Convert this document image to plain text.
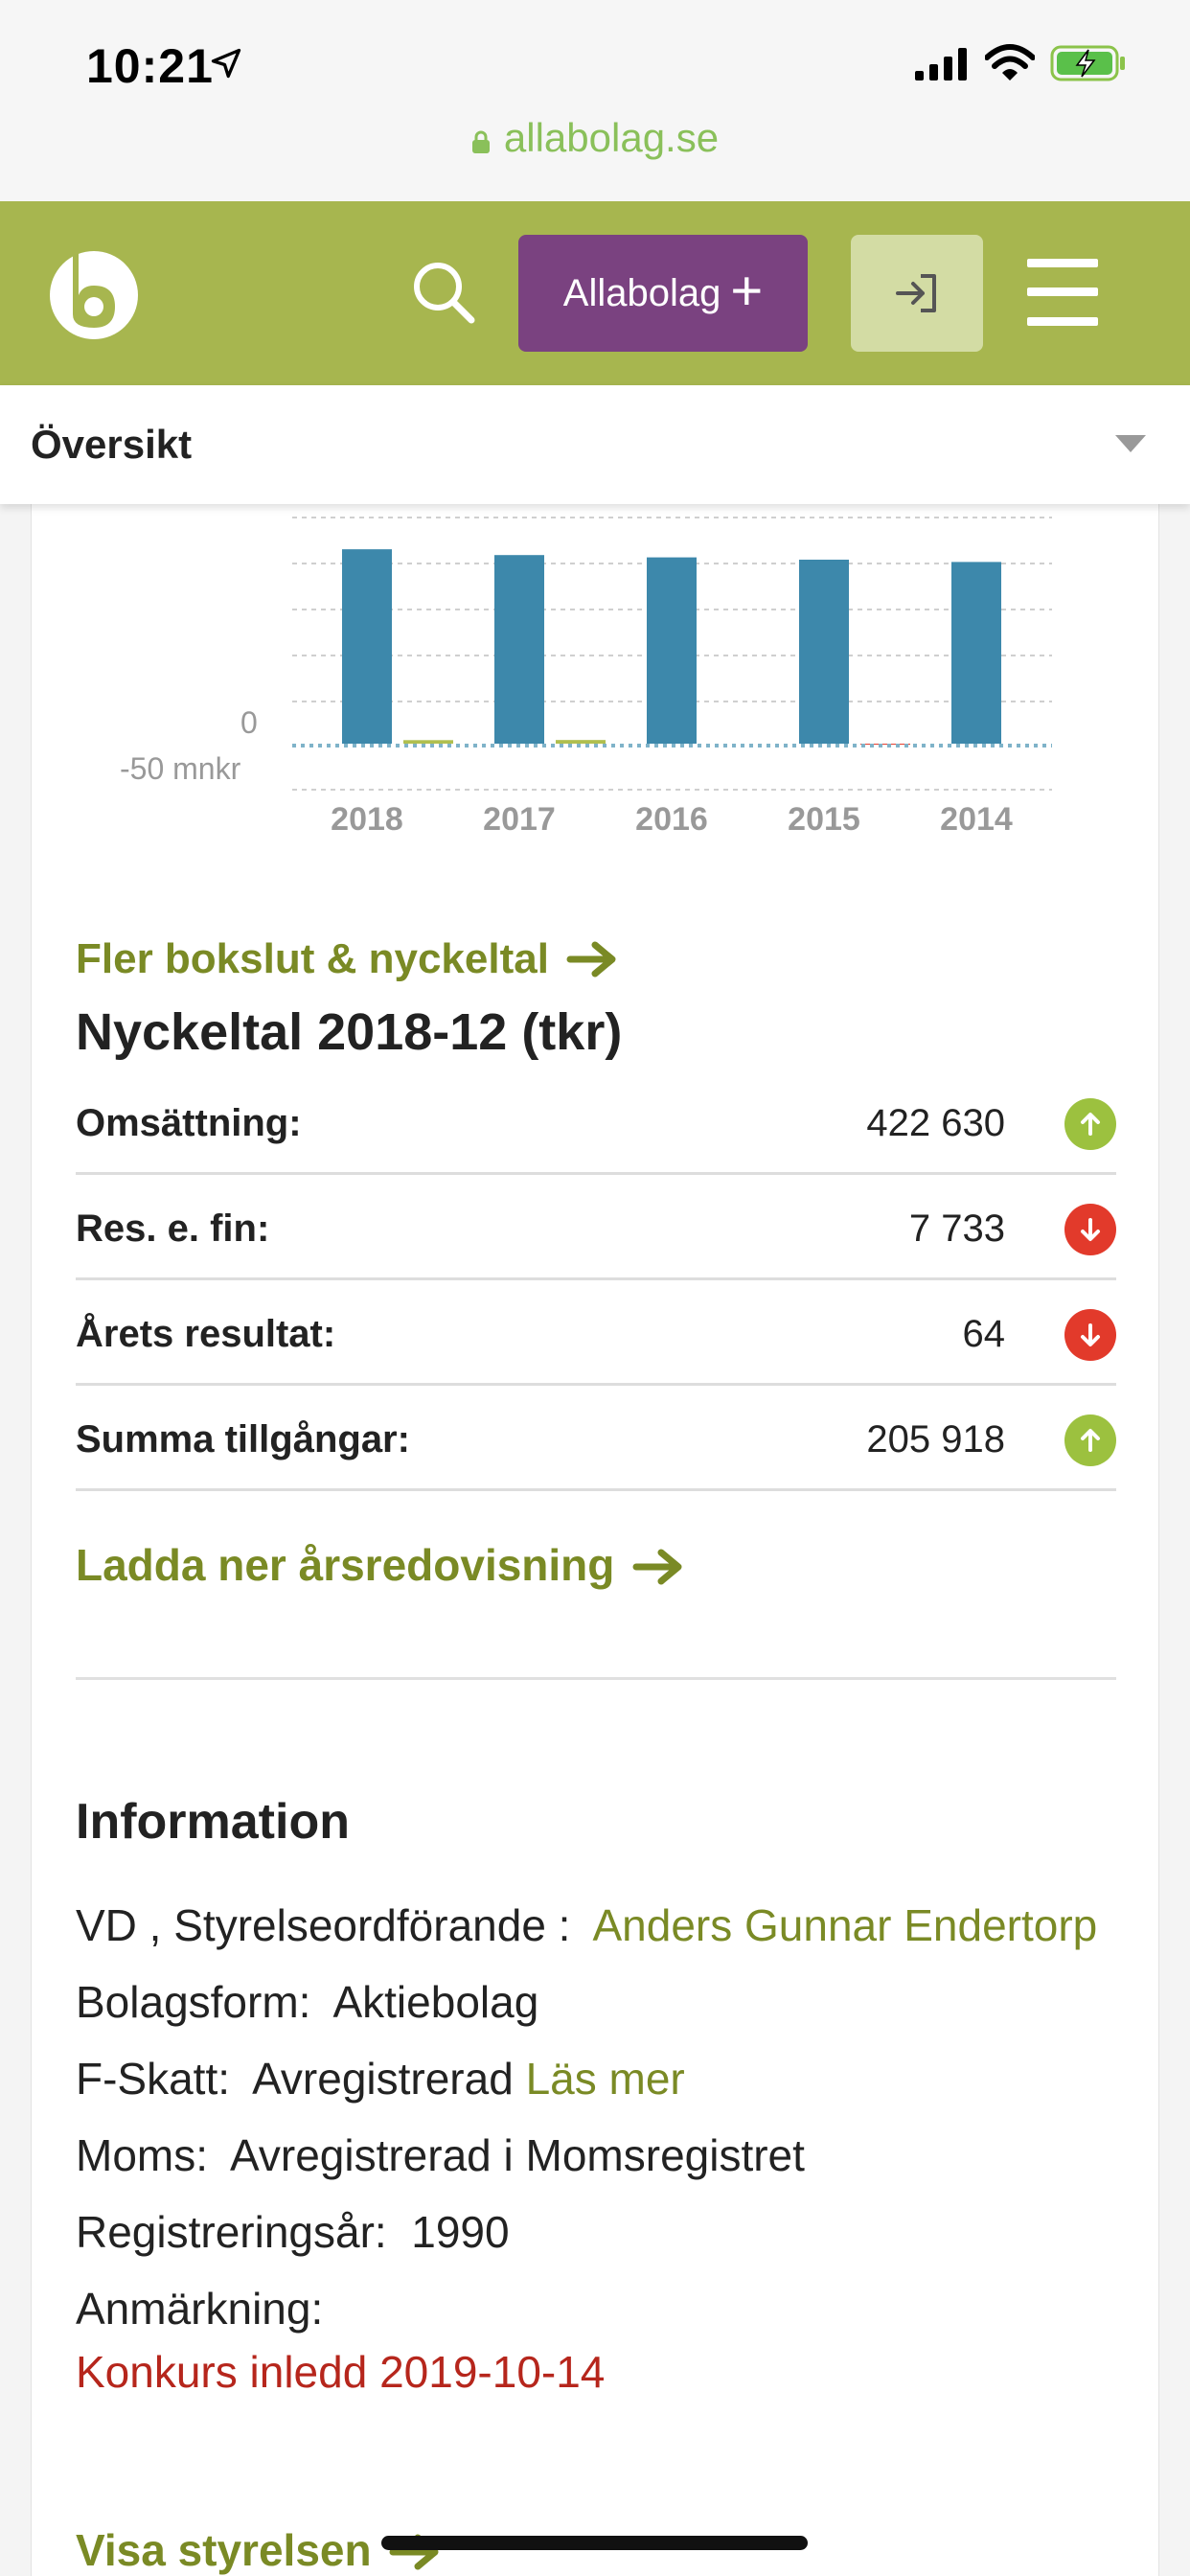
10:21
allabolag.se
Allabolag +
Översikt
0
-50 mnkr
2018	2017	2016	2015	2014
Fler bokslut & nyckeltal
Nyckeltal 2018-12 (tkr)
Omsättning:	422 630
Res. e. fin:	7 733
Årets resultat:	64
Summa tillgångar:	205 918
Ladda ner årsredovisning
Information

VD , Styrelseordförande : Anders Gunnar Endertorp

Bolagsform: Aktiebolag

F-Skatt: Avregistrerad Läs mer

Moms: Avregistrerad i Momsregistret

Registreringsår: 1990

Anmärkning:
Konkurs inledd 2019-10-14

Visa styrelsen
